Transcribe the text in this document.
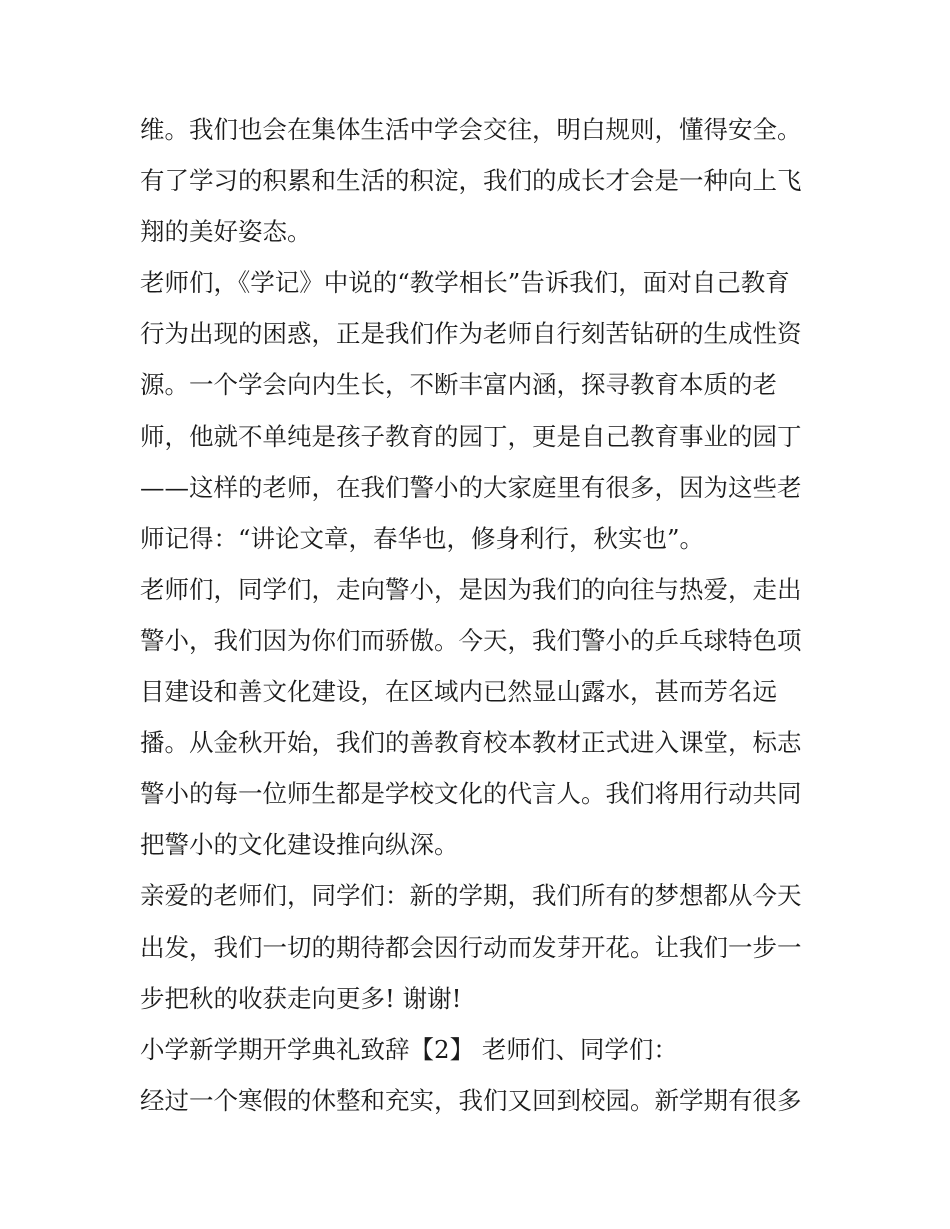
维。我们也会在集体生活中学会交往，明白规则，懂得安全。
有了学习的积累和生活的积淀，我们的成长才会是一种向上飞
翔的美好姿态。
老师们，《学记》中说的“教学相长”告诉我们，面对自己教育
行为出现的困惑，正是我们作为老师自行刻苦钻研的生成性资
源。一个学会向内生长，不断丰富内涵，探寻教育本质的老
师，他就不单纯是孩子教育的园丁，更是自己教育事业的园丁
——这样的老师，在我们警小的大家庭里有很多，因为这些老
师记得：“讲论文章，春华也，修身利行，秋实也”。
老师们，同学们，走向警小，是因为我们的向往与热爱，走出
警小，我们因为你们而骄傲。今天，我们警小的乒乓球特色项
目建设和善文化建设，在区域内已然显山露水，甚而芳名远
播。从金秋开始，我们的善教育校本教材正式进入课堂，标志
警小的每一位师生都是学校文化的代言人。我们将用行动共同
把警小的文化建设推向纵深。
亲爱的老师们，同学们：新的学期，我们所有的梦想都从今天
出发，我们一切的期待都会因行动而发芽开花。让我们一步一
步把秋的收获走向更多! 谢谢!
小学新学期开学典礼致辞【2】 老师们、同学们：
经过一个寒假的休整和充实，我们又回到校园。新学期有很多
